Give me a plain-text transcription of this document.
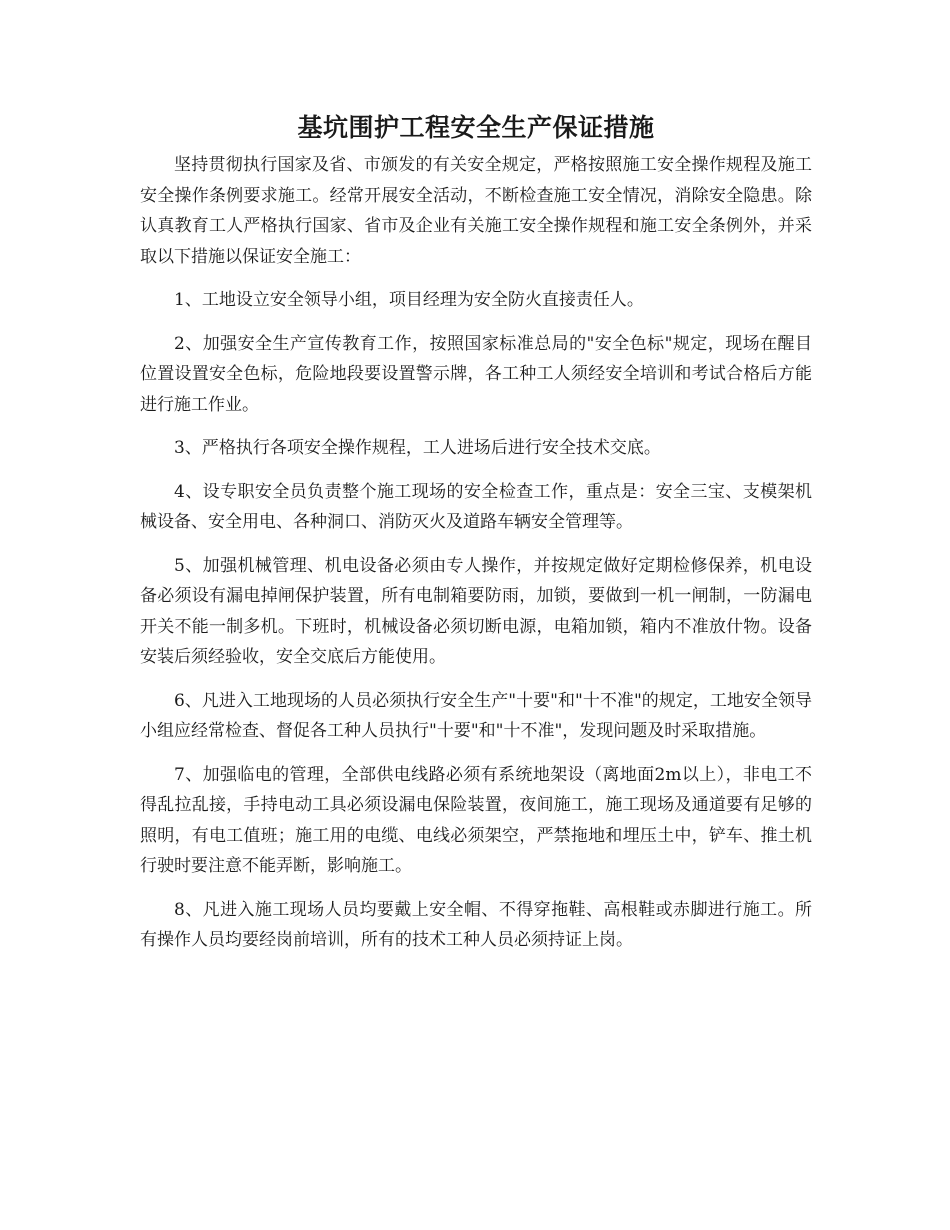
基坑围护工程安全生产保证措施

坚持贯彻执行国家及省、市颁发的有关安全规定，严格按照施工安全操作规程及施工安全操作条例要求施工。经常开展安全活动，不断检查施工安全情况，消除安全隐患。除认真教育工人严格执行国家、省市及企业有关施工安全操作规程和施工安全条例外，并采取以下措施以保证安全施工：

1、工地设立安全领导小组，项目经理为安全防火直接责任人。

2、加强安全生产宣传教育工作，按照国家标准总局的"安全色标"规定，现场在醒目位置设置安全色标，危险地段要设置警示牌，各工种工人须经安全培训和考试合格后方能进行施工作业。

3、严格执行各项安全操作规程，工人进场后进行安全技术交底。

4、设专职安全员负责整个施工现场的安全检查工作，重点是：安全三宝、支模架机械设备、安全用电、各种洞口、消防灭火及道路车辆安全管理等。

5、加强机械管理、机电设备必须由专人操作，并按规定做好定期检修保养，机电设备必须设有漏电掉闸保护装置，所有电制箱要防雨，加锁，要做到一机一闸制，一防漏电开关不能一制多机。下班时，机械设备必须切断电源，电箱加锁，箱内不准放什物。设备安装后须经验收，安全交底后方能使用。

6、凡进入工地现场的人员必须执行安全生产"十要"和"十不准"的规定，工地安全领导小组应经常检查、督促各工种人员执行"十要"和"十不准"，发现问题及时采取措施。

7、加强临电的管理，全部供电线路必须有系统地架设（离地面2m以上），非电工不得乱拉乱接，手持电动工具必须设漏电保险装置，夜间施工，施工现场及通道要有足够的照明，有电工值班；施工用的电缆、电线必须架空，严禁拖地和埋压土中，铲车、推土机行驶时要注意不能弄断，影响施工。

8、凡进入施工现场人员均要戴上安全帽、不得穿拖鞋、高根鞋或赤脚进行施工。所有操作人员均要经岗前培训，所有的技术工种人员必须持证上岗。
